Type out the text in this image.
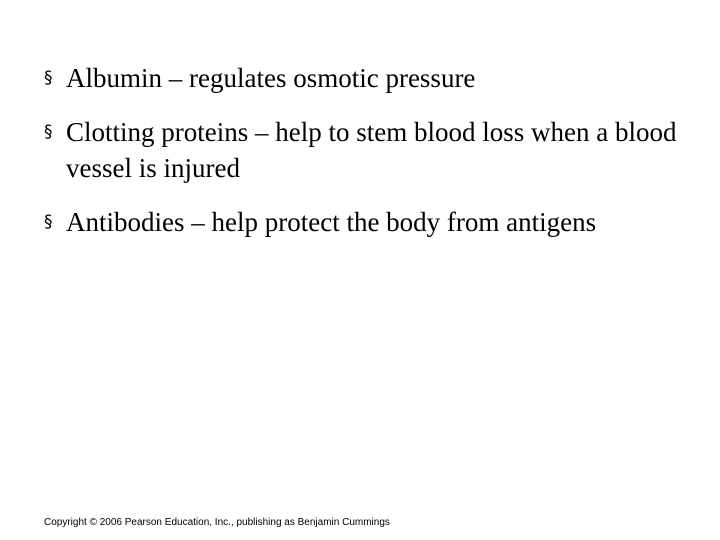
§ Albumin – regulates osmotic pressure
§ Clotting proteins – help to stem blood loss when a blood vessel is injured
§ Antibodies – help protect the body from antigens
Copyright © 2006 Pearson Education, Inc., publishing as Benjamin Cummings
